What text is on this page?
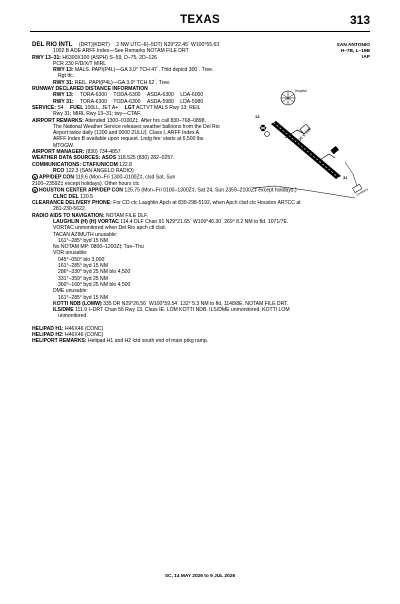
TEXAS	313
SAN ANTONIO
H–7B, L–19B
IAP
DEL RIO INTL (DRT)(KDRT) 2 NW UTC–6(–5DT) N29°22.45´ W100°55.63´
1002 B AOE ARFF Index—See Remarks NOTAM FILE DRT
RWY 13–31: H6300X100 (ASPH) S–59, D–75, 2D–126
PCR 230 F/D/X/T MIRL
RWY 13: MALS. PAPI(P4L)—GA 3.0° TCH 47´. Thld dsplcd 300´. Tree.
Rgt tfc.
RWY 31: REIL. PAPI(P4L)—GA 3.0° TCH 62´. Tree.
RUNWAY DECLARED DISTANCE INFORMATION
RWY 13: TORA-6300 TODA-6300 ASDA-6300 LDA-6000
RWY 31: TORA-6300 TODA-6300 ASDA-5980 LDA-5980
SERVICE: S4 FUEL 100LL, JET A+ LGT ACTVT MALS Rwy 13; REIL
Rwy 31; MIRL Rwy 13–31; twy—CTAF.
AIRPORT REMARKS: Attended 1300–0100Z‡. After hrs call 830–768–0898.
The National Weather Service releases weather balloons from the Del Rio
Airport twice daily (1200 and 0000 ZULU). Class I, ARFF Index A.
ARFF Index B available upon request. Lndg fee: starts at 6,500 lbs
MTOGW.
AIRPORT MANAGER: (830) 734-4857
WEATHER DATA SOURCES: ASOS 118.525 (830) 282–0257.
COMMUNICATIONS: CTAF/UNICOM 122.8
RCO 122.3 (SAN ANGELO RADIO)
R APP/DEP CON 119.6 (Mon–Fri 1300–0100Z‡, clsd Sat, Sun
2100–2359Z‡ except holidays). Other hours ctc
R HOUSTON CENTER APP/DEP CON 125.75 (Mon–Fri 0100–1300Z‡, Sat 24, Sun 2359–2100Z‡ except holidays.)
CLNC DEL 120.5
CLEARANCE DELIVERY PHONE: For CD ctc Laughlin Apch at 830-298-5192, when Apch clsd ctc Houston ARTCC at
281-230-5622.
RADIO AIDS TO NAVIGATION: NOTAM FILE DLF.
LAUGHLIN (H) (H) VORTAC 114.4 DLF Chan 91 N29°21.65´ W100°46.30´ 269° 8.2 NM to fld. 1071/7E.
VORTAC unmonitored when Del Rio apch ctl clsd.
TACAN AZIMUTH unusable:
161°–285° byd 15 NM
No NOTAM MP: 0800–1200Z‡ Tue–Thu
VOR unusable:
045°–050° blo 3,000´
161°–285° byd 15 NM
286°–330° byd 25 NM blo 4,500´
331°–359° byd 25 NM
360°–160° byd 25 NM blo 4,500´
DME unusable:
161°–285° byd 15 NM
KOTTI NDB (LOMW) 335 DR N29°26.56´ W100°59.54´ 132° 5.3 NM to fld. 1148/8E. NOTAM FILE DRT.
ILS/DME 111.9 I–DRT Chan 56 Rwy 13. Class IE. LOM KOTTI NDB. ILS/DME unmonitored. KOTTI LOM
unmonitored.
HELIPAD H1: H46X46 (CONC)
HELIPAD H2: H46X46 (CONC)
HELIPORT REMARKS: Helipad H1 and H2 lctd south end of main prkg ramp.
Hospital
13
6300 X 100
31
Cemetery
SC, 14 MAY 2026 to 9 JUL 2026
